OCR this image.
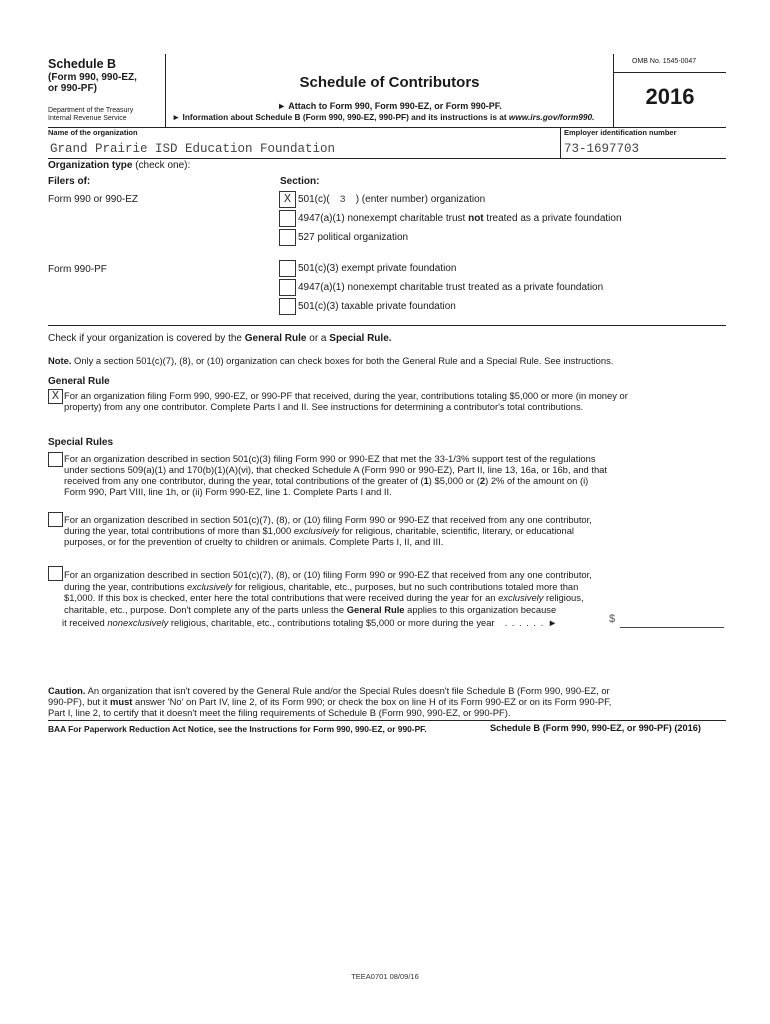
Schedule B
(Form 990, 990-EZ,
or 990-PF)
Department of the Treasury
Internal Revenue Service
Schedule of Contributors
► Attach to Form 990, Form 990-EZ, or Form 990-PF.
► Information about Schedule B (Form 990, 990-EZ, 990-PF) and its instructions is at www.irs.gov/form990.
OMB No. 1545-0047
2016
Name of the organization	Employer identification number
Grand Prairie ISD Education Foundation	73-1697703
Organization type (check one):
Filers of:	Section:
Form 990 or 990-EZ	X 501(c)( 3 ) (enter number) organization
4947(a)(1) nonexempt charitable trust not treated as a private foundation
527 political organization
Form 990-PF	501(c)(3) exempt private foundation
4947(a)(1) nonexempt charitable trust treated as a private foundation
501(c)(3) taxable private foundation
Check if your organization is covered by the General Rule or a Special Rule.
Note. Only a section 501(c)(7), (8), or (10) organization can check boxes for both the General Rule and a Special Rule. See instructions.
General Rule
X For an organization filing Form 990, 990-EZ, or 990-PF that received, during the year, contributions totaling $5,000 or more (in money or

property) from any one contributor. Complete Parts I and II. See instructions for determining a contributor's total contributions.

Special Rules

For an organization described in section 501(c)(3) filing Form 990 or 990-EZ that met the 33-1/3% support test of the regulations

under sections 509(a)(1) and 170(b)(1)(A)(vi), that checked Schedule A (Form 990 or 990-EZ), Part II, line 13, 16a, or 16b, and that

received from any one contributor, during the year, total contributions of the greater of (1) $5,000 or (2) 2% of the amount on (i)

Form 990, Part VIII, line 1h, or (ii) Form 990-EZ, line 1. Complete Parts I and II.

For an organization described in section 501(c)(7), (8), or (10) filing Form 990 or 990-EZ that received from any one contributor,

during the year, total contributions of more than $1,000 exclusively for religious, charitable, scientific, literary, or educational

purposes, or for the prevention of cruelty to children or animals. Complete Parts I, II, and III.

For an organization described in section 501(c)(7), (8), or (10) filing Form 990 or 990-EZ that received from any one contributor,

during the year, contributions exclusively for religious, charitable, etc., purposes, but no such contributions totaled more than

$1,000. If this box is checked, enter here the total contributions that were received during the year for an exclusively religious,

charitable, etc., purpose. Don't complete any of the parts unless the General Rule applies to this organization because

it received nonexclusively religious, charitable, etc., contributions totaling $5,000 or more during the year . . . . . . ►	$

Caution. An organization that isn't covered by the General Rule and/or the Special Rules doesn't file Schedule B (Form 990, 990-EZ, or

990-PF), but it must answer 'No' on Part IV, line 2, of its Form 990; or check the box on line H of its Form 990-EZ or on its Form 990-PF,

Part I, line 2, to certify that it doesn't meet the filing requirements of Schedule B (Form 990, 990-EZ, or 990-PF).

BAA For Paperwork Reduction Act Notice, see the Instructions for Form 990, 990-EZ, or 990-PF.	Schedule B (Form 990, 990-EZ, or 990-PF) (2016)
TEEA0701 08/09/16
